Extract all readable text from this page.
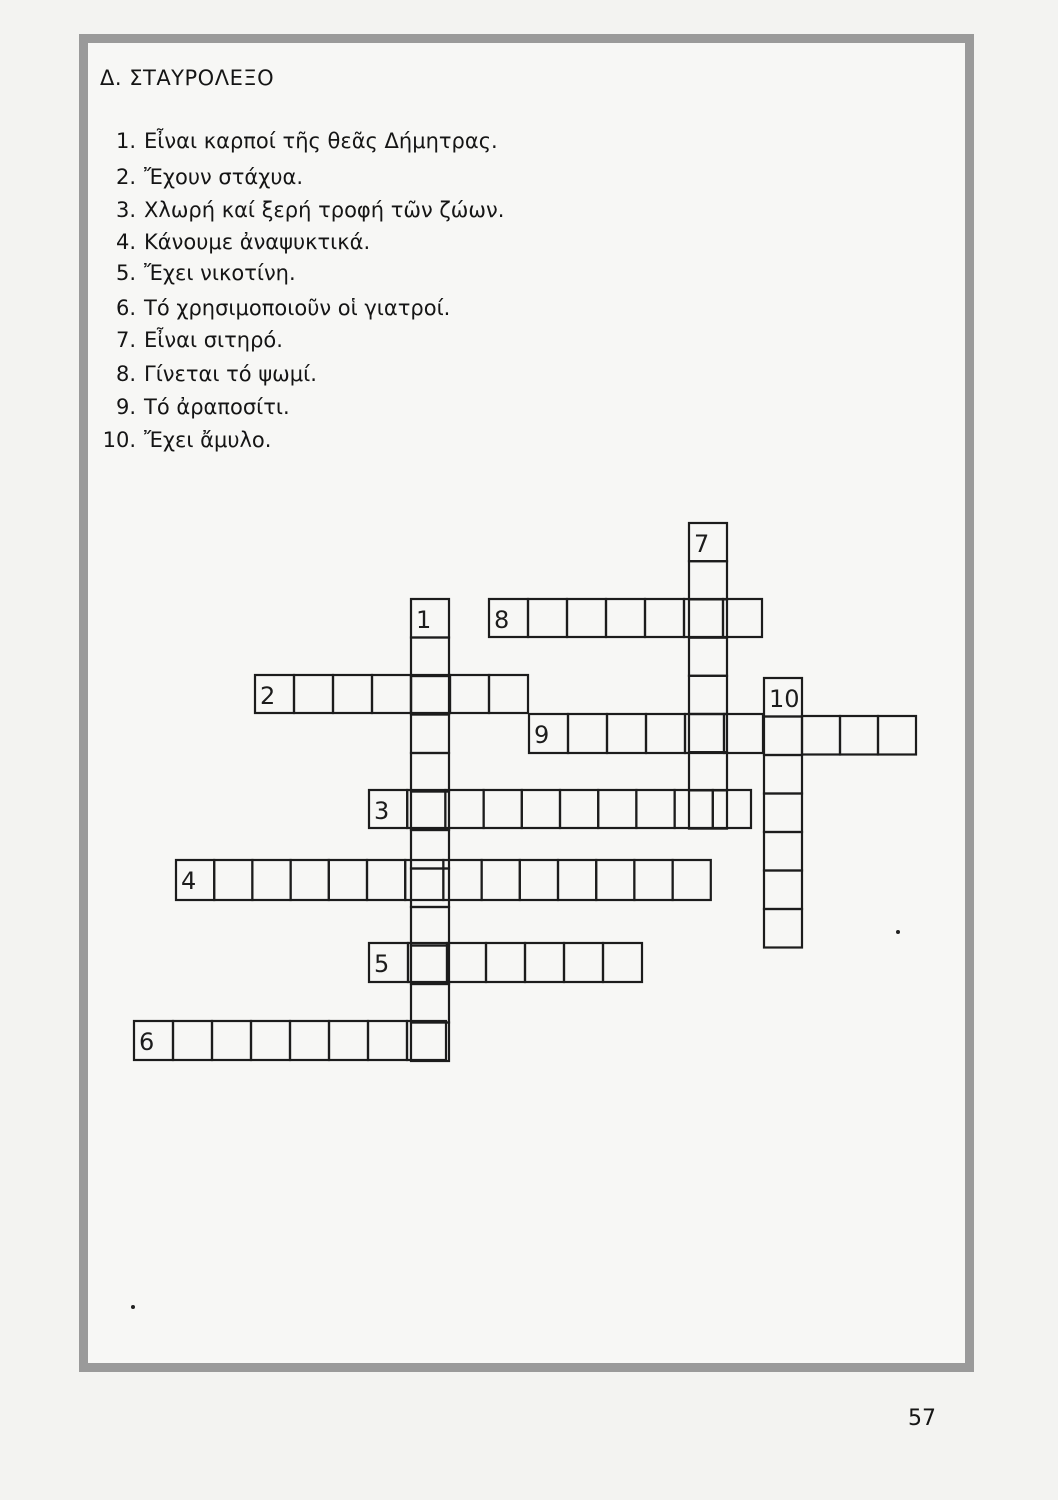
Δ. ΣΤΑΥΡΟΛΕΞΟ
1. Εἶναι καρποί τῆς θεᾶς Δήμητρας.
2. Ἔχουν στάχυα.
3. Χλωρή καί ξερή τροφή τῶν ζώων.
4. Κάνουμε ἀναψυκτικά.
5. Ἔχει νικοτίνη.
6. Τό χρησιμοποιοῦν οἱ γιατροί.
7. Εἶναι σιτηρό.
8. Γίνεται τό ψωμί.
9. Τό ἀραποσίτι.
10. Ἔχει ἄμυλο.
1
2
3
4
5
6
7
8
9
10
57
